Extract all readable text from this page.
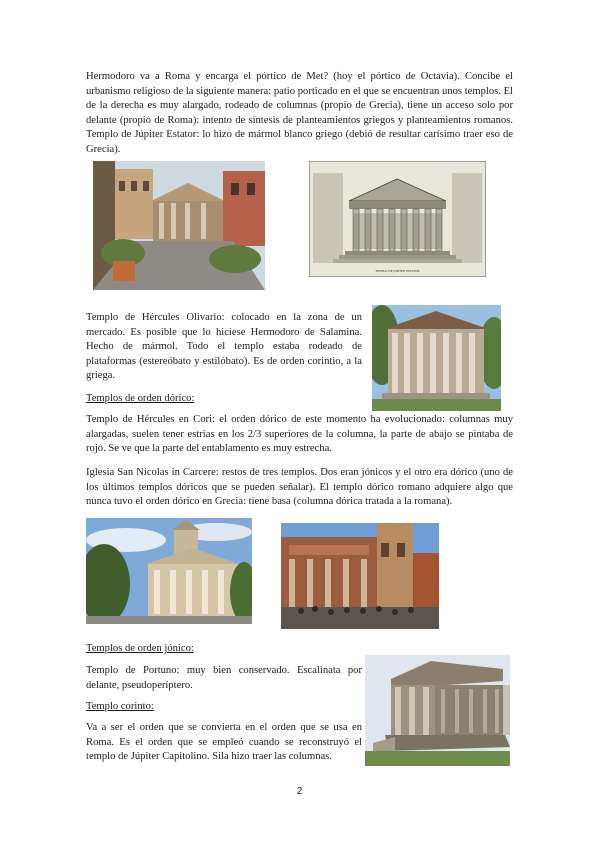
Hermodoro va a Roma y encarga el pórtico de Met? (hoy el pórtico de Octavia). Concibe el urbanismo religioso de la siguiente manera: patio porticado en el que se encuentran unos templos. El de la derecha es muy alargado, rodeado de columnas (propio de Grecia), tiene un acceso solo por delante (propio de Roma): intento de síntesis de planteamientos griegos y planteamientos romanos. Templo de Júpiter Estator: lo hizo de mármol blanco griego (debió de resultar carísimo traer eso de Grecia).

TEMPLO DE JÚPITER ESTATOR

Templo de Hércules Olivario: colocado en la zona de un mercado. Es posible que lo hiciese Hermodoro de Salamina. Hecho de mármol. Todo el templo estaba rodeado de plataformas (estereóbato y estilóbato). Es de orden corintio, a la griega.

Templos de orden dórico:

Templo de Hércules en Cori: el orden dórico de este momento ha evolucionado: columnas muy alargadas, suelen tener estrías en los 2/3 superiores de la columna, la parte de abajo se pintaba de rojo. Se ve que la parte del entablamento es muy estrecha.

Iglesia San Nicolas in Carcere: restos de tres templos. Dos eran jónicos y el otro era dórico (uno de los últimos templos dóricos que se pueden señalar). El templo dórico romano adquiere algo que nunca tuvo el orden dórico en Grecia: tiene basa (columna dórica tratada a la romana).

Templos de orden jónico:

Templo de Portuno: muy bien conservado. Escalinata por delante, pseudoperíptero.

Templo corinto:

Va a ser el orden que se convierta en el orden que se usa en Roma. Es el orden que se empleó cuando se reconstruyó el templo de Júpiter Capitolino. Sila hizo traer las columnas.

2
